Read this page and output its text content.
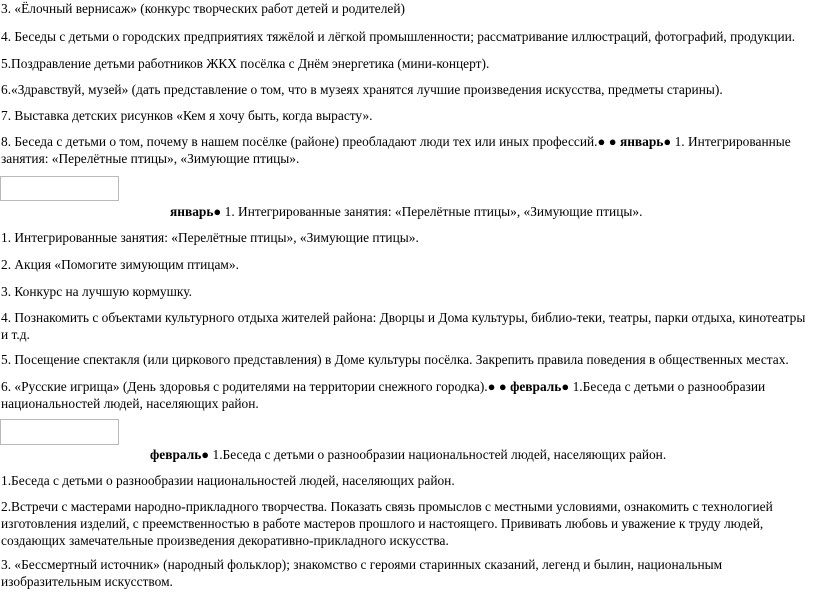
3. «Ёлочный вернисаж» (конкурс творческих работ детей и родителей)

4. Беседы с детьми о городских предприятиях тяжёлой и лёгкой промышленности; рассматривание иллюстраций, фотографий, продукции.

5.Поздравление детьми работников ЖКХ посёлка с Днём энергетика (мини-концерт).

6.«Здравствуй, музей» (дать представление о том, что в музеях хранятся лучшие произведения искусства, предметы старины).

7. Выставка детских рисунков «Кем я хочу быть, когда вырасту».

8. Беседа с детьми о том, почему в нашем посёлке (районе) преобладают люди тех или иных профессий.● ● январь● 1. Интегрированные занятия: «Перелётные птицы», «Зимующие птицы».

январь● 1. Интегрированные занятия: «Перелётные птицы», «Зимующие птицы».

1. Интегрированные занятия: «Перелётные птицы», «Зимующие птицы».

2. Акция «Помогите зимующим птицам».

3. Конкурс на лучшую кормушку.

4. Познакомить с объектами культурного отдыха жителей района: Дворцы и Дома культуры, библио-теки, театры, парки отдыха, кинотеатры и т.д.

5. Посещение спектакля (или циркового представления) в Доме культуры посёлка. Закрепить правила поведения в общественных местах.

6. «Русские игрища» (День здоровья с родителями на территории снежного городка).● ● февраль● 1.Беседа с детьми о разнообразии национальностей людей, населяющих район.

февраль● 1.Беседа с детьми о разнообразии национальностей людей, населяющих район.

1.Беседа с детьми о разнообразии национальностей людей, населяющих район.

2.Встречи с мастерами народно-прикладного творчества. Показать связь промыслов с местными условиями, ознакомить с технологией изготовления изделий, с преемственностью в работе мастеров прошлого и настоящего. Прививать любовь и уважение к труду людей, создающих замечательные произведения декоративно-прикладного искусства.

3. «Бессмертный источник» (народный фольклор); знакомство с героями старинных сказаний, легенд и былин, национальным изобразительным искусством.
